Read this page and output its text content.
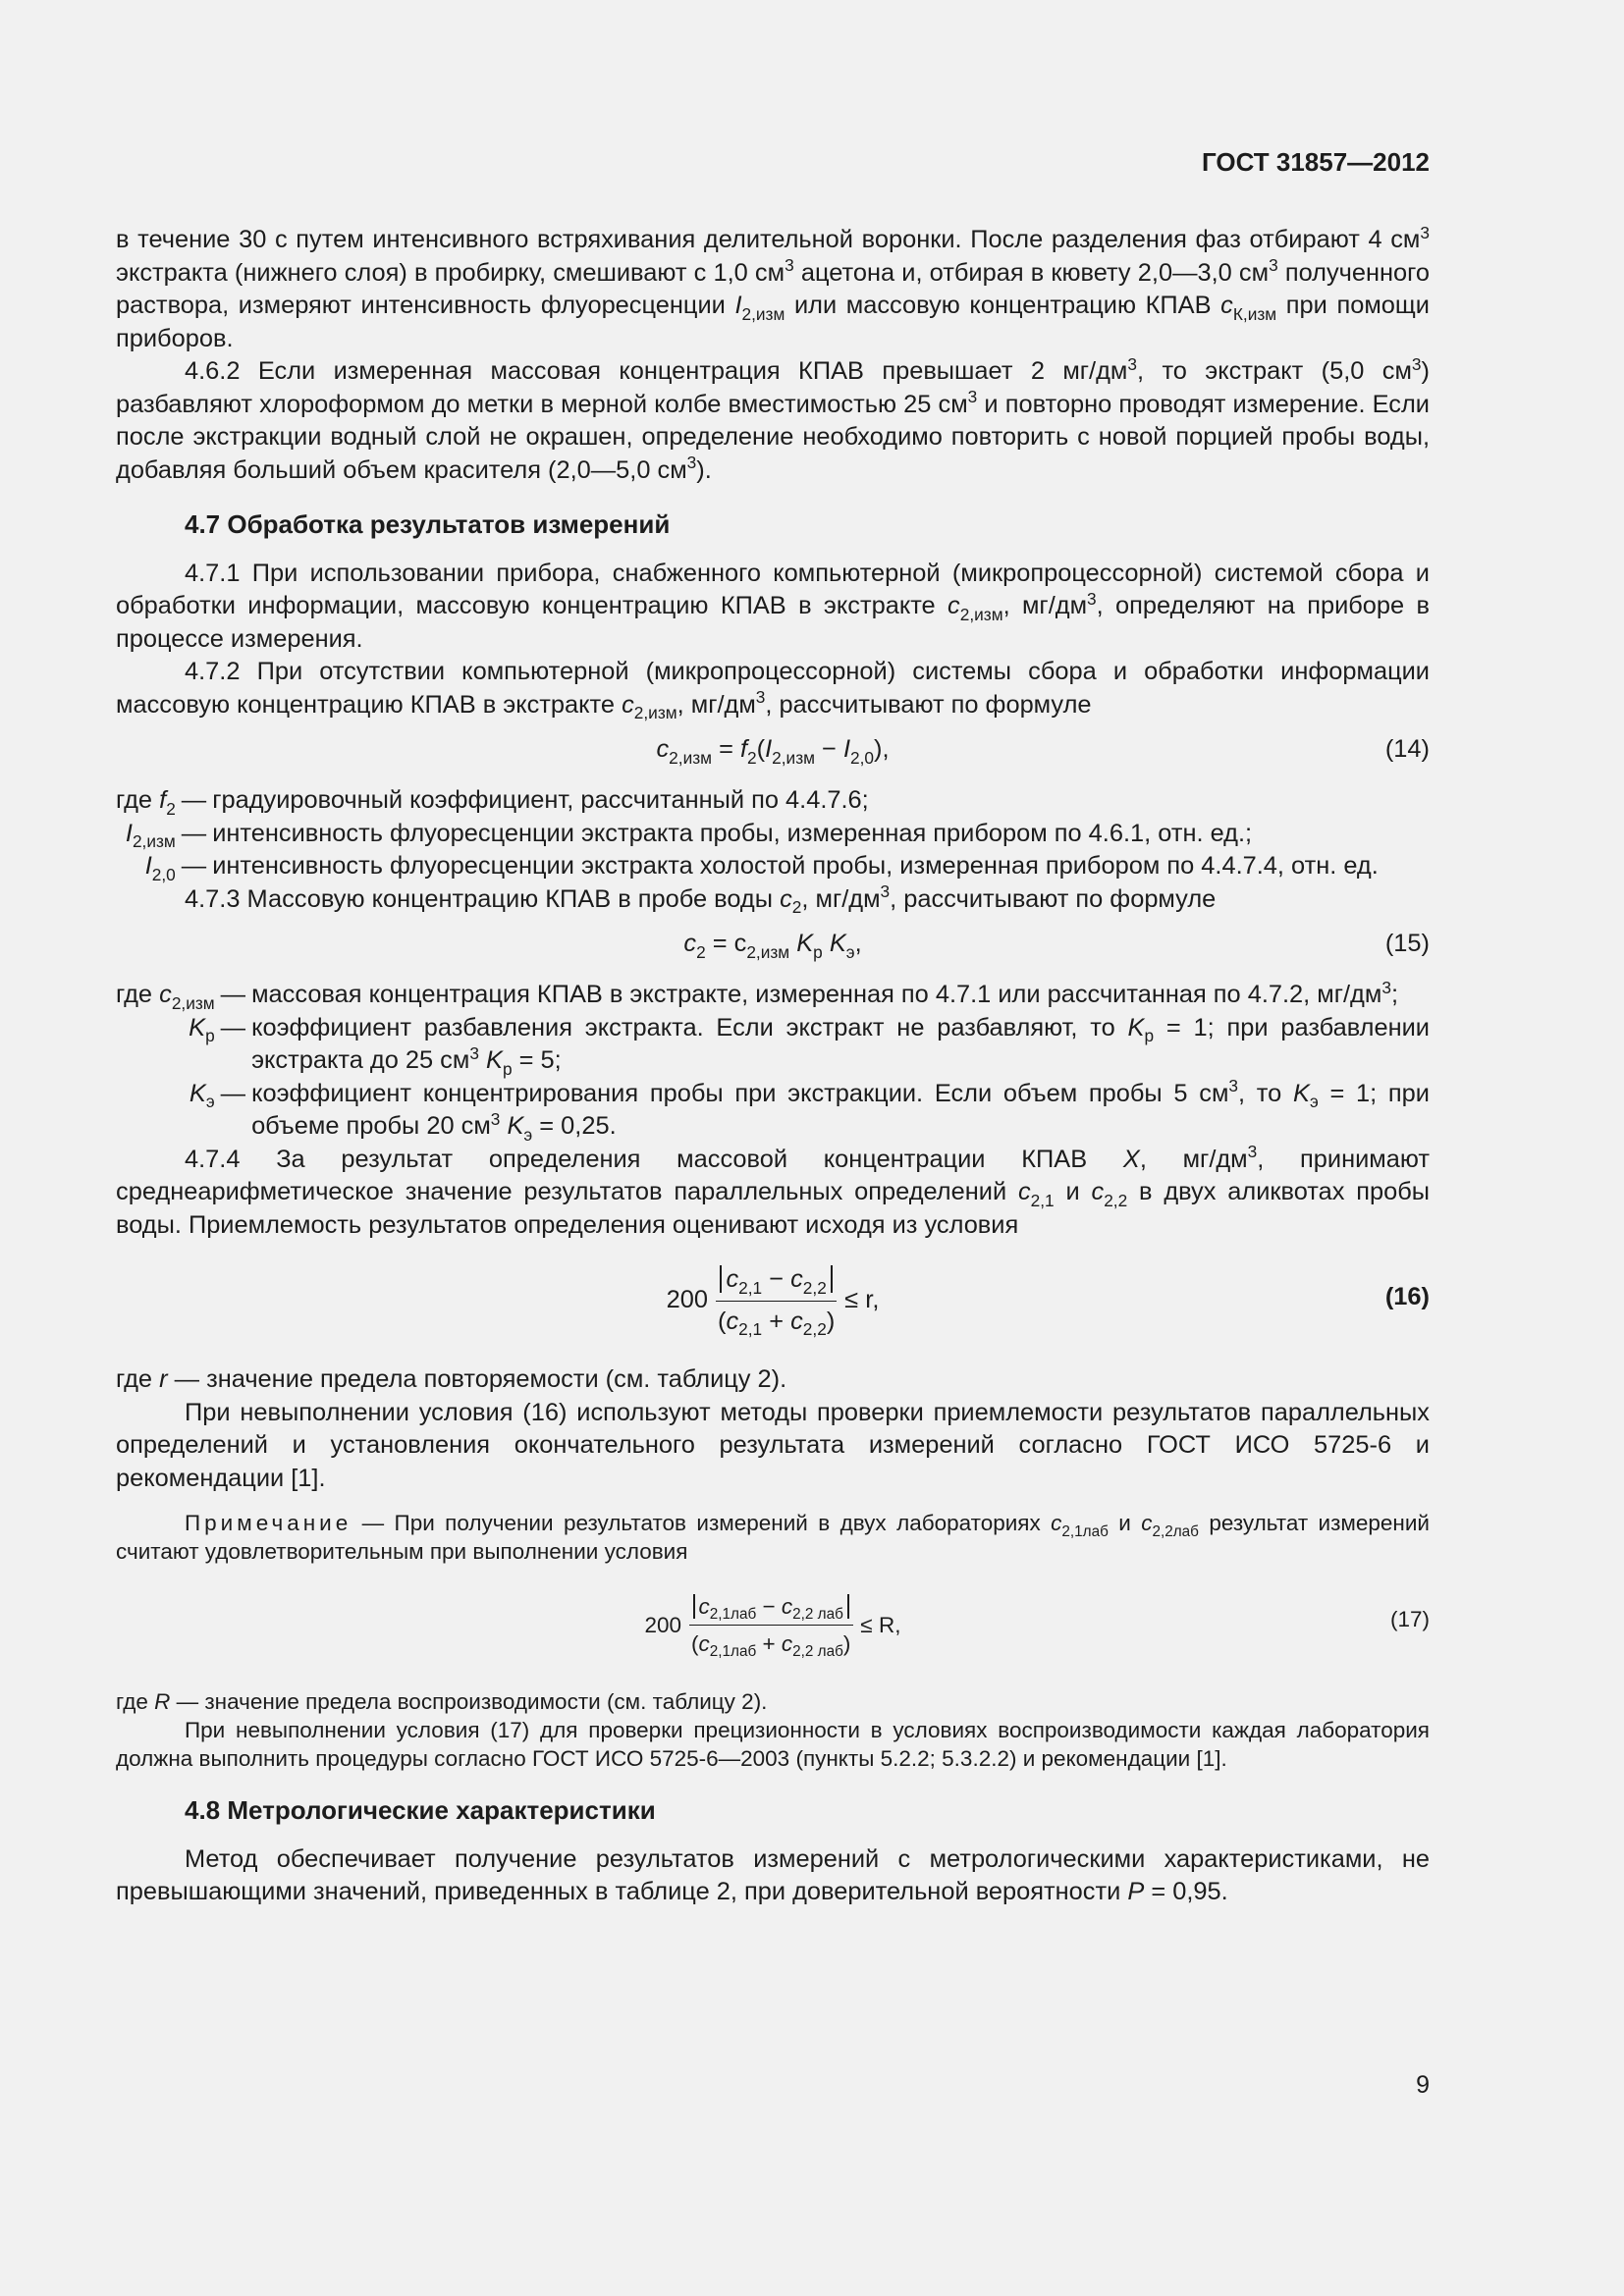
ГОСТ 31857—2012

в течение 30 с путем интенсивного встряхивания делительной воронки. После разделения фаз отбирают 4 $см^3$ экстракта (нижнего слоя) в пробирку, смешивают с 1,0 $см^3$ ацетона и, отбирая в кювету 2,0—3,0 $см^3$ полученного раствора, измеряют интенсивность флуоресценции $I_{2,изм}$ или массовую концентрацию КПАВ $c_{К,изм}$ при помощи приборов.

4.6.2 Если измеренная массовая концентрация КПАВ превышает 2 $мг/дм^3$, то экстракт (5,0 $см^3$) разбавляют хлороформом до метки в мерной колбе вместимостью 25 $см^3$ и повторно проводят измерение. Если после экстракции водный слой не окрашен, определение необходимо повторить с новой порцией пробы воды, добавляя больший объем красителя (2,0—5,0 $см^3$).

4.7 Обработка результатов измерений

4.7.1 При использовании прибора, снабженного компьютерной (микропроцессорной) системой сбора и обработки информации, массовую концентрацию КПАВ в экстракте $c_{2,изм}$, $мг/дм^3$, определяют на приборе в процессе измерения.

4.7.2 При отсутствии компьютерной (микропроцессорной) системы сбора и обработки информации массовую концентрацию КПАВ в экстракте $c_{2,изм}$, $мг/дм^3$, рассчитывают по формуле

$c_{2,изм} = f_2(I_{2,изм} - I_{2,0})$,	(14)
где $f_2$ — градуировочный коэффициент, рассчитанный по 4.4.7.6;
$I_{2,изм}$ — интенсивность флуоресценции экстракта пробы, измеренная прибором по 4.6.1, отн. ед.;
$I_{2,0}$ — интенсивность флуоресценции экстракта холостой пробы, измеренная прибором по 4.4.7.4, отн. ед.

4.7.3 Массовую концентрацию КПАВ в пробе воды $c_2$, $мг/дм^3$, рассчитывают по формуле

$c_2 = c_{2,изм}$ $K_р$ $K_э$,	(15)
где $c_{2,изм}$ — массовая концентрация КПАВ в экстракте, измеренная по 4.7.1 или рассчитанная по 4.7.2, $мг/дм^3$;
$K_р$ — коэффициент разбавления экстракта. Если экстракт не разбавляют, то $K_р = 1$; при разбавлении экстракта до 25 $см^3$ $K_р = 5$;
$K_э$ — коэффициент концентрирования пробы при экстракции. Если объем пробы 5 $см^3$, то $K_э = 1$; при объеме пробы 20 $см^3$ $K_э = 0,25$.

4.7.4 За результат определения массовой концентрации КПАВ X, $мг/дм^3$, принимают среднеарифметическое значение результатов параллельных определений $c_{2,1}$ и $c_{2,2}$ в двух аликвотах пробы воды. Приемлемость результатов определения оценивают исходя из условия

$200 \frac{c_{2,1} - c_{2,2}}{(c_{2,1} + c_{2,2})} \le r$,	(16)

где r — значение предела повторяемости (см. таблицу 2).

При невыполнении условия (16) используют методы проверки приемлемости результатов параллельных определений и установления окончательного результата измерений согласно ГОСТ ИСО 5725-6 и рекомендации [1].

Примечание — При получении результатов измерений в двух лабораториях $c_{2,1лаб}$ и $c_{2,2лаб}$ результат измерений считают удовлетворительным при выполнении условия

$200 \frac{c_{2,1лаб} - c_{2,2 лаб}}{(c_{2,1лаб} + c_{2,2 лаб})} \le R$,	(17)

где R — значение предела воспроизводимости (см. таблицу 2).

При невыполнении условия (17) для проверки прецизионности в условиях воспроизводимости каждая лаборатория должна выполнить процедуры согласно ГОСТ ИСО 5725-6—2003 (пункты 5.2.2; 5.3.2.2) и рекомендации [1].

4.8 Метрологические характеристики

Метод обеспечивает получение результатов измерений с метрологическими характеристиками, не превышающими значений, приведенных в таблице 2, при доверительной вероятности P = 0,95.

9
